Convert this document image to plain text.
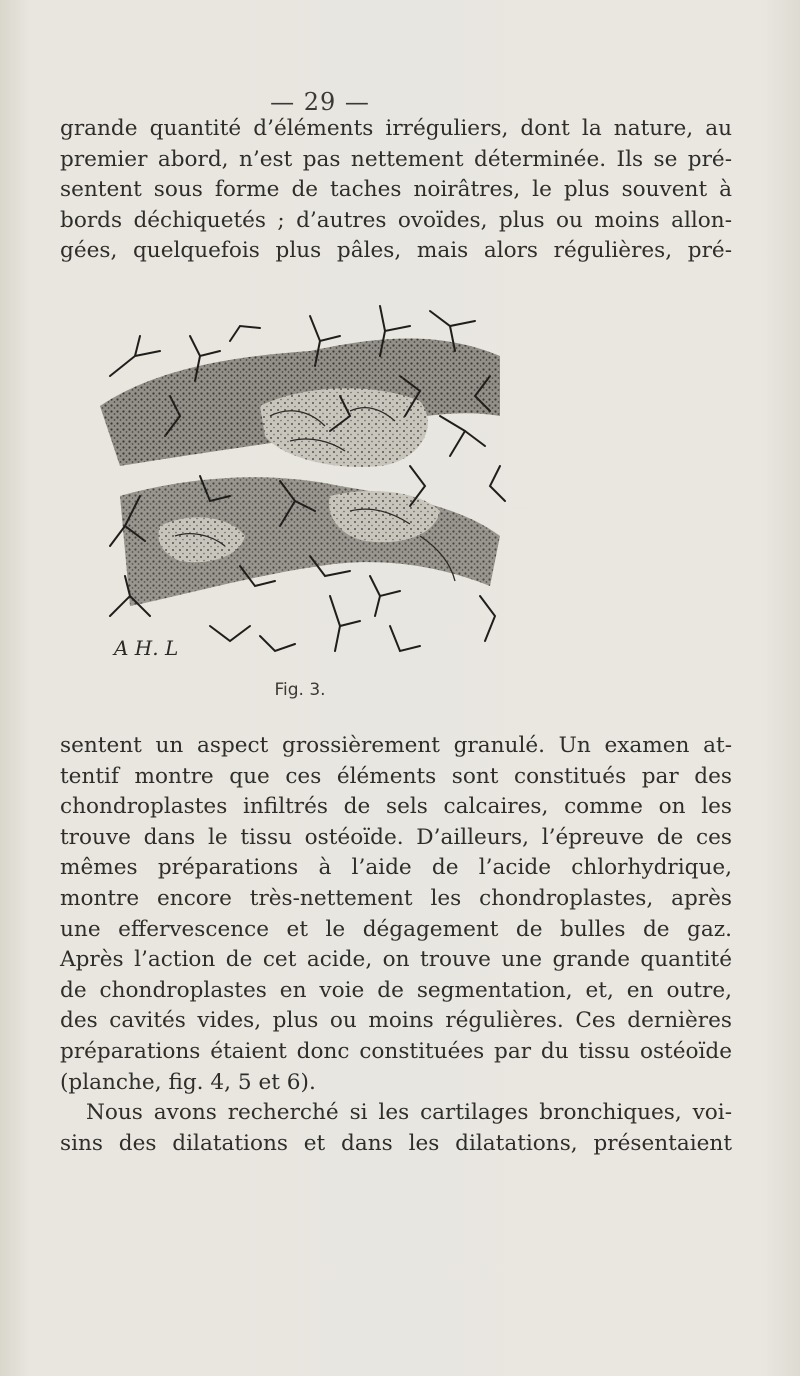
— 29 —
grande quantité d’éléments irréguliers, dont la nature, au
premier abord, n’est pas nettement déterminée. Ils se pré-
sentent sous forme de taches noirâtres, le plus souvent à
bords déchiquetés ; d’autres ovoïdes, plus ou moins allon-
gées, quelquefois plus pâles, mais alors régulières, pré-
A H. L
Fig. 3.
sentent un aspect grossièrement granulé. Un examen at-
tentif montre que ces éléments sont constitués par des
chondroplastes infiltrés de sels calcaires, comme on les
trouve dans le tissu ostéoïde. D’ailleurs, l’épreuve de ces
mêmes préparations à l’aide de l’acide chlorhydrique,
montre encore très-nettement les chondroplastes, après
une effervescence et le dégagement de bulles de gaz.
Après l’action de cet acide, on trouve une grande quantité
de chondroplastes en voie de segmentation, et, en outre,
des cavités vides, plus ou moins régulières. Ces dernières
préparations étaient donc constituées par du tissu ostéoïde
(planche, fig. 4, 5 et 6).
Nous avons recherché si les cartilages bronchiques, voi-
sins des dilatations et dans les dilatations, présentaient
